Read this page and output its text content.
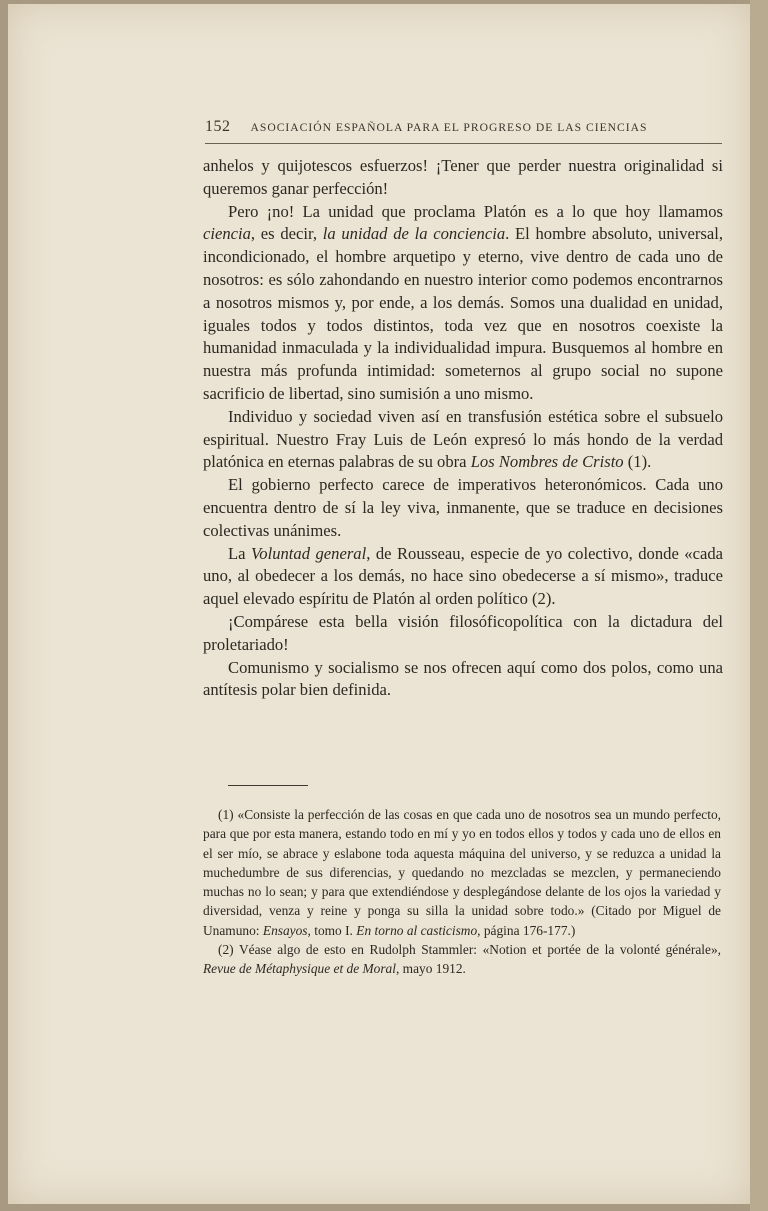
152 ASOCIACIÓN ESPAÑOLA PARA EL PROGRESO DE LAS CIENCIAS

anhelos y quijotescos esfuerzos! ¡Tener que perder nuestra originalidad si queremos ganar perfección!

Pero ¡no! La unidad que proclama Platón es a lo que hoy llamamos ciencia, es decir, la unidad de la conciencia. El hombre absoluto, universal, incondicionado, el hombre arquetipo y eterno, vive dentro de cada uno de nosotros: es sólo zahondando en nuestro interior como podemos encontrarnos a nosotros mismos y, por ende, a los demás. Somos una dualidad en unidad, iguales todos y todos distintos, toda vez que en nosotros coexiste la humanidad inmaculada y la individualidad impura. Busquemos al hombre en nuestra más profunda intimidad: someternos al grupo social no supone sacrificio de libertad, sino sumisión a uno mismo.

Individuo y sociedad viven así en transfusión estética sobre el subsuelo espiritual. Nuestro Fray Luis de León expresó lo más hondo de la verdad platónica en eternas palabras de su obra Los Nombres de Cristo (1).

El gobierno perfecto carece de imperativos heteronómicos. Cada uno encuentra dentro de sí la ley viva, inmanente, que se traduce en decisiones colectivas unánimes.

La Voluntad general, de Rousseau, especie de yo colectivo, donde «cada uno, al obedecer a los demás, no hace sino obedecerse a sí mismo», traduce aquel elevado espíritu de Platón al orden político (2).

¡Compárese esta bella visión filosóficopolítica con la dictadura del proletariado!

Comunismo y socialismo se nos ofrecen aquí como dos polos, como una antítesis polar bien definida.

(1) «Consiste la perfección de las cosas en que cada uno de nosotros sea un mundo perfecto, para que por esta manera, estando todo en mí y yo en todos ellos y todos y cada uno de ellos en el ser mío, se abrace y eslabone toda aquesta máquina del universo, y se reduzca a unidad la muchedumbre de sus diferencias, y quedando no mezcladas se mezclen, y permaneciendo muchas no lo sean; y para que extendiéndose y desplegándose delante de los ojos la variedad y diversidad, venza y reine y ponga su silla la unidad sobre todo.» (Citado por Miguel de Unamuno: Ensayos, tomo I. En torno al casticismo, página 176-177.)

(2) Véase algo de esto en Rudolph Stammler: «Notion et portée de la volonté générale», Revue de Métaphysique et de Moral, mayo 1912.
